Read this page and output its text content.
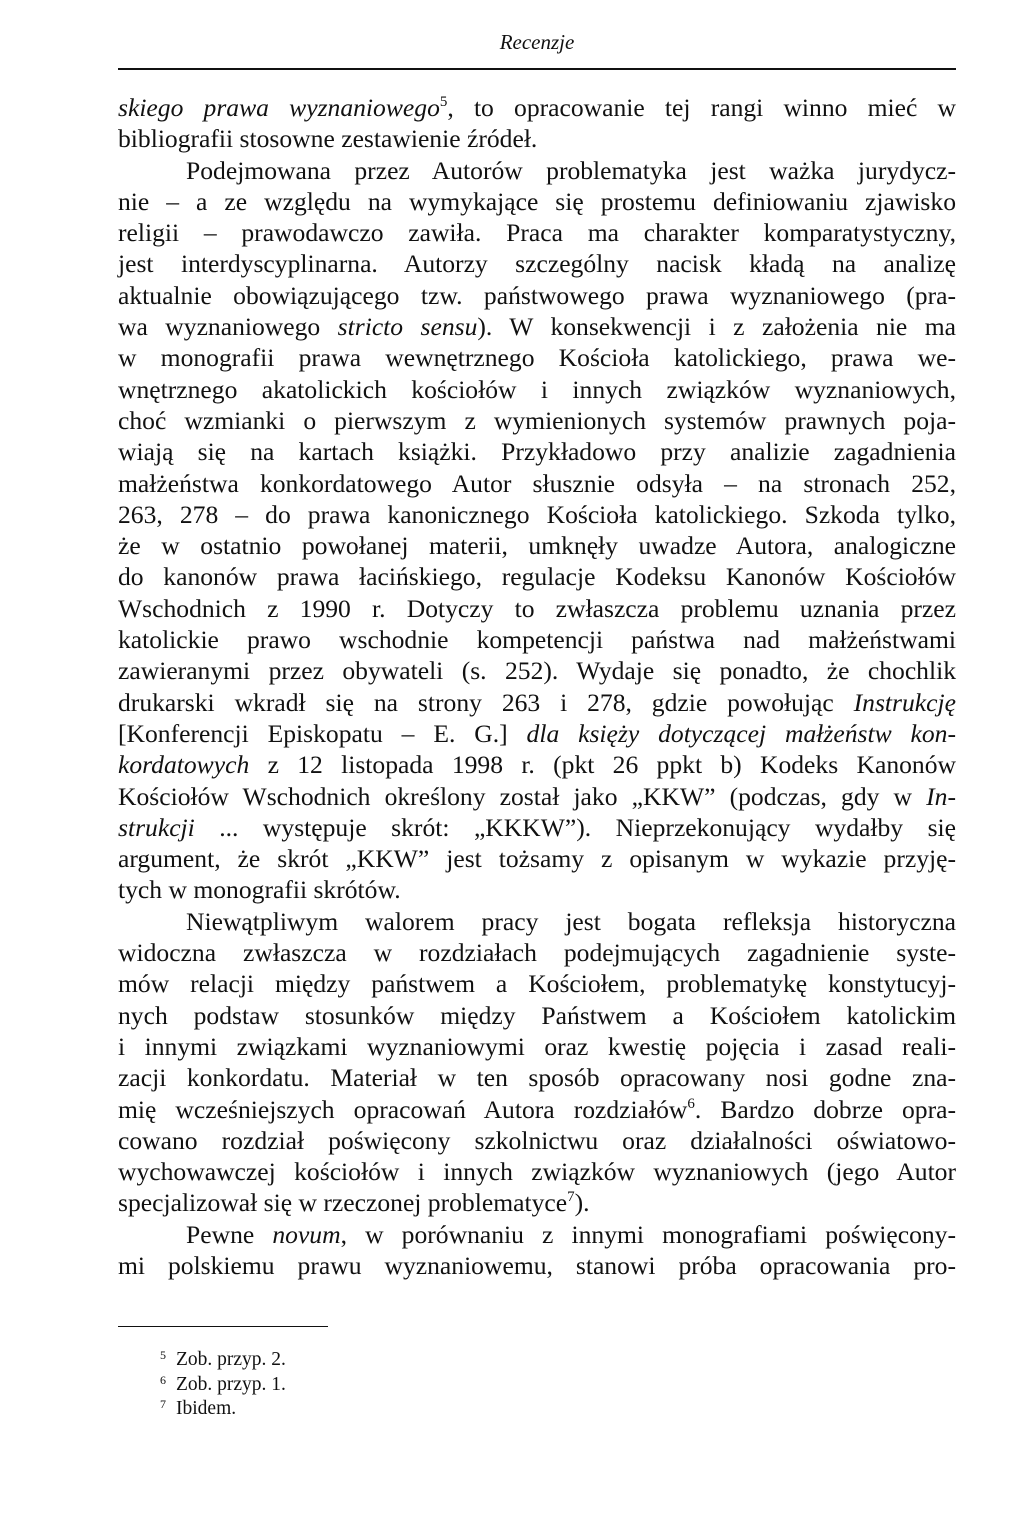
Recenzje
skiego prawa wyznaniowego$^5$, to opracowanie tej rangi winno mieć w
bibliografii stosowne zestawienie źródeł.
Podejmowana przez Autorów problematyka jest ważka jurydycz-
nie – a ze względu na wymykające się prostemu definiowaniu zjawisko
religii – prawodawczo zawiła. Praca ma charakter komparatystyczny,
jest interdyscyplinarna. Autorzy szczególny nacisk kładą na analizę
aktualnie obowiązującego tzw. państwowego prawa wyznaniowego (pra-
wa wyznaniowego stricto sensu). W konsekwencji i z założenia nie ma
w monografii prawa wewnętrznego Kościoła katolickiego, prawa we-
wnętrznego akatolickich kościołów i innych związków wyznaniowych,
choć wzmianki o pierwszym z wymienionych systemów prawnych poja-
wiają się na kartach książki. Przykładowo przy analizie zagadnienia
małżeństwa konkordatowego Autor słusznie odsyła – na stronach 252,
263, 278 – do prawa kanonicznego Kościoła katolickiego. Szkoda tylko,
że w ostatnio powołanej materii, umknęły uwadze Autora, analogiczne
do kanonów prawa łacińskiego, regulacje Kodeksu Kanonów Kościołów
Wschodnich z 1990 r. Dotyczy to zwłaszcza problemu uznania przez
katolickie prawo wschodnie kompetencji państwa nad małżeństwami
zawieranymi przez obywateli (s. 252). Wydaje się ponadto, że chochlik
drukarski wkradł się na strony 263 i 278, gdzie powołując Instrukcję
[Konferencji Episkopatu – E. G.] dla księży dotyczącej małżeństw kon-
kordatowych z 12 listopada 1998 r. (pkt 26 ppkt b) Kodeks Kanonów
Kościołów Wschodnich określony został jako „KKW” (podczas, gdy w In-
strukcji ... występuje skrót: „KKKW”). Nieprzekonujący wydałby się
argument, że skrót „KKW” jest tożsamy z opisanym w wykazie przyję-
tych w monografii skrótów.
Niewątpliwym walorem pracy jest bogata refleksja historyczna
widoczna zwłaszcza w rozdziałach podejmujących zagadnienie syste-
mów relacji między państwem a Kościołem, problematykę konstytucyj-
nych podstaw stosunków między Państwem a Kościołem katolickim
i innymi związkami wyznaniowymi oraz kwestię pojęcia i zasad reali-
zacji konkordatu. Materiał w ten sposób opracowany nosi godne zna-
mię wcześniejszych opracowań Autora rozdziałów$^6$. Bardzo dobrze opra-
cowano rozdział poświęcony szkolnictwu oraz działalności oświatowo-
wychowawczej kościołów i innych związków wyznaniowych (jego Autor
specjalizował się w rzeczonej problematyce$^7$).
Pewne novum, w porównaniu z innymi monografiami poświęcony-
mi polskiemu prawu wyznaniowemu, stanowi próba opracowania pro-
5 Zob. przyp. 2.
6 Zob. przyp. 1.
7 Ibidem.
